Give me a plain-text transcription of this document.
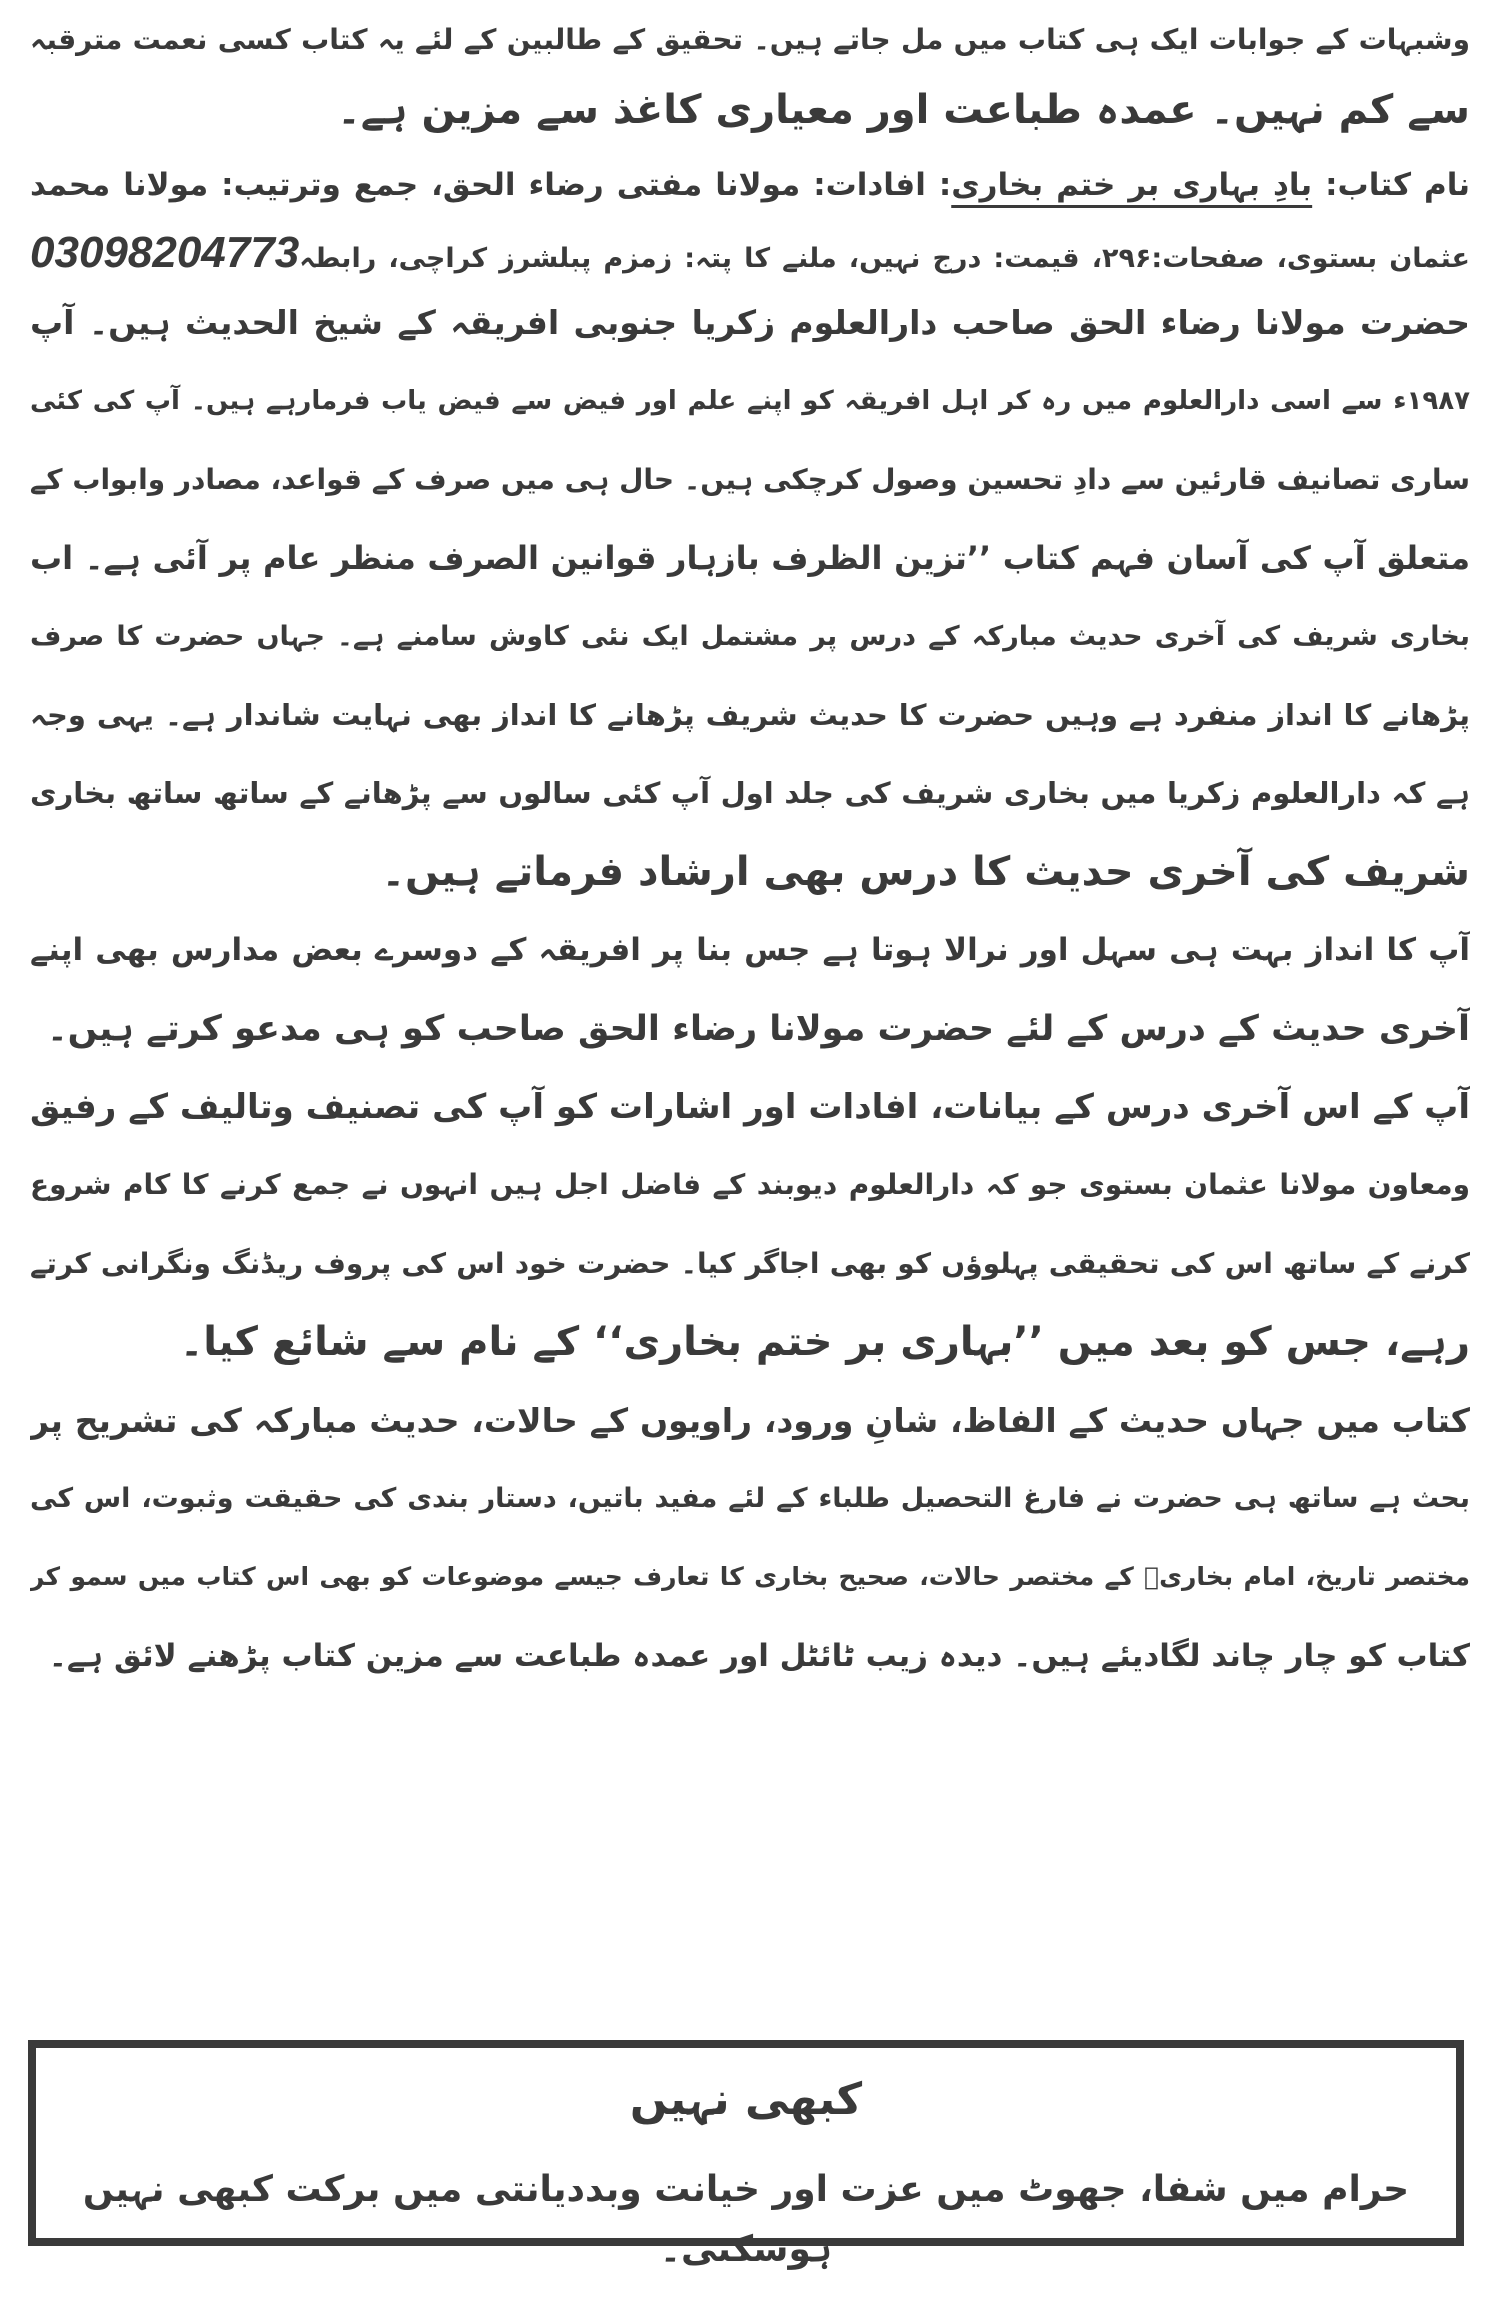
وشبہات کے جوابات ایک ہی کتاب میں مل جاتے ہیں۔ تحقیق کے طالبین کے لئے یہ کتاب کسی نعمت مترقبہ
سے کم نہیں۔ عمدہ طباعت اور معیاری کاغذ سے مزین ہے۔
نام کتاب: بادِ بہاری بر ختم بخاری: افادات: مولانا مفتی رضاء الحق، جمع وترتیب: مولانا محمد
عثمان بستوی، صفحات:۲۹۶، قیمت: درج نہیں، ملنے کا پتہ: زمزم پبلشرز کراچی، رابطہ03098204773
حضرت مولانا رضاء الحق صاحب دارالعلوم زکریا جنوبی افریقہ کے شیخ الحدیث ہیں۔ آپ
۱۹۸۷ء سے اسی دارالعلوم میں رہ کر اہل افریقہ کو اپنے علم اور فیض سے فیض یاب فرمارہے ہیں۔ آپ کی کئی
ساری تصانیف قارئین سے دادِ تحسین وصول کرچکی ہیں۔ حال ہی میں صرف کے قواعد، مصادر وابواب کے
متعلق آپ کی آسان فہم کتاب ’’تزین الظرف بازہار قوانین الصرف منظر عام پر آئی ہے۔ اب
بخاری شریف کی آخری حدیث مبارکہ کے درس پر مشتمل ایک نئی کاوش سامنے ہے۔ جہاں حضرت کا صرف
پڑھانے کا انداز منفرد ہے وہیں حضرت کا حدیث شریف پڑھانے کا انداز بھی نہایت شاندار ہے۔ یہی وجہ
ہے کہ دارالعلوم زکریا میں بخاری شریف کی جلد اول آپ کئی سالوں سے پڑھانے کے ساتھ ساتھ بخاری
شریف کی آخری حدیث کا درس بھی ارشاد فرماتے ہیں۔
آپ کا انداز بہت ہی سہل اور نرالا ہوتا ہے جس بنا پر افریقہ کے دوسرے بعض مدارس بھی اپنے
آخری حدیث کے درس کے لئے حضرت مولانا رضاء الحق صاحب کو ہی مدعو کرتے ہیں۔
آپ کے اس آخری درس کے بیانات، افادات اور اشارات کو آپ کی تصنیف وتالیف کے رفیق
ومعاون مولانا عثمان بستوی جو کہ دارالعلوم دیوبند کے فاضل اجل ہیں انہوں نے جمع کرنے کا کام شروع
کرنے کے ساتھ اس کی تحقیقی پہلوؤں کو بھی اجاگر کیا۔ حضرت خود اس کی پروف ریڈنگ ونگرانی کرتے
رہے، جس کو بعد میں ’’بہاری بر ختم بخاری‘‘ کے نام سے شائع کیا۔
کتاب میں جہاں حدیث کے الفاظ، شانِ ورود، راویوں کے حالات، حدیث مبارکہ کی تشریح پر
بحث ہے ساتھ ہی حضرت نے فارغ التحصیل طلباء کے لئے مفید باتیں، دستار بندی کی حقیقت وثبوت، اس کی
مختصر تاریخ، امام بخاریؒ کے مختصر حالات، صحیح بخاری کا تعارف جیسے موضوعات کو بھی اس کتاب میں سمو کر
کتاب کو چار چاند لگادیئے ہیں۔ دیدہ زیب ٹائٹل اور عمدہ طباعت سے مزین کتاب پڑھنے لائق ہے۔
کبھی نہیں
حرام میں شفا، جھوٹ میں عزت اور خیانت وبددیانتی میں برکت کبھی نہیں ہوسکتی۔
